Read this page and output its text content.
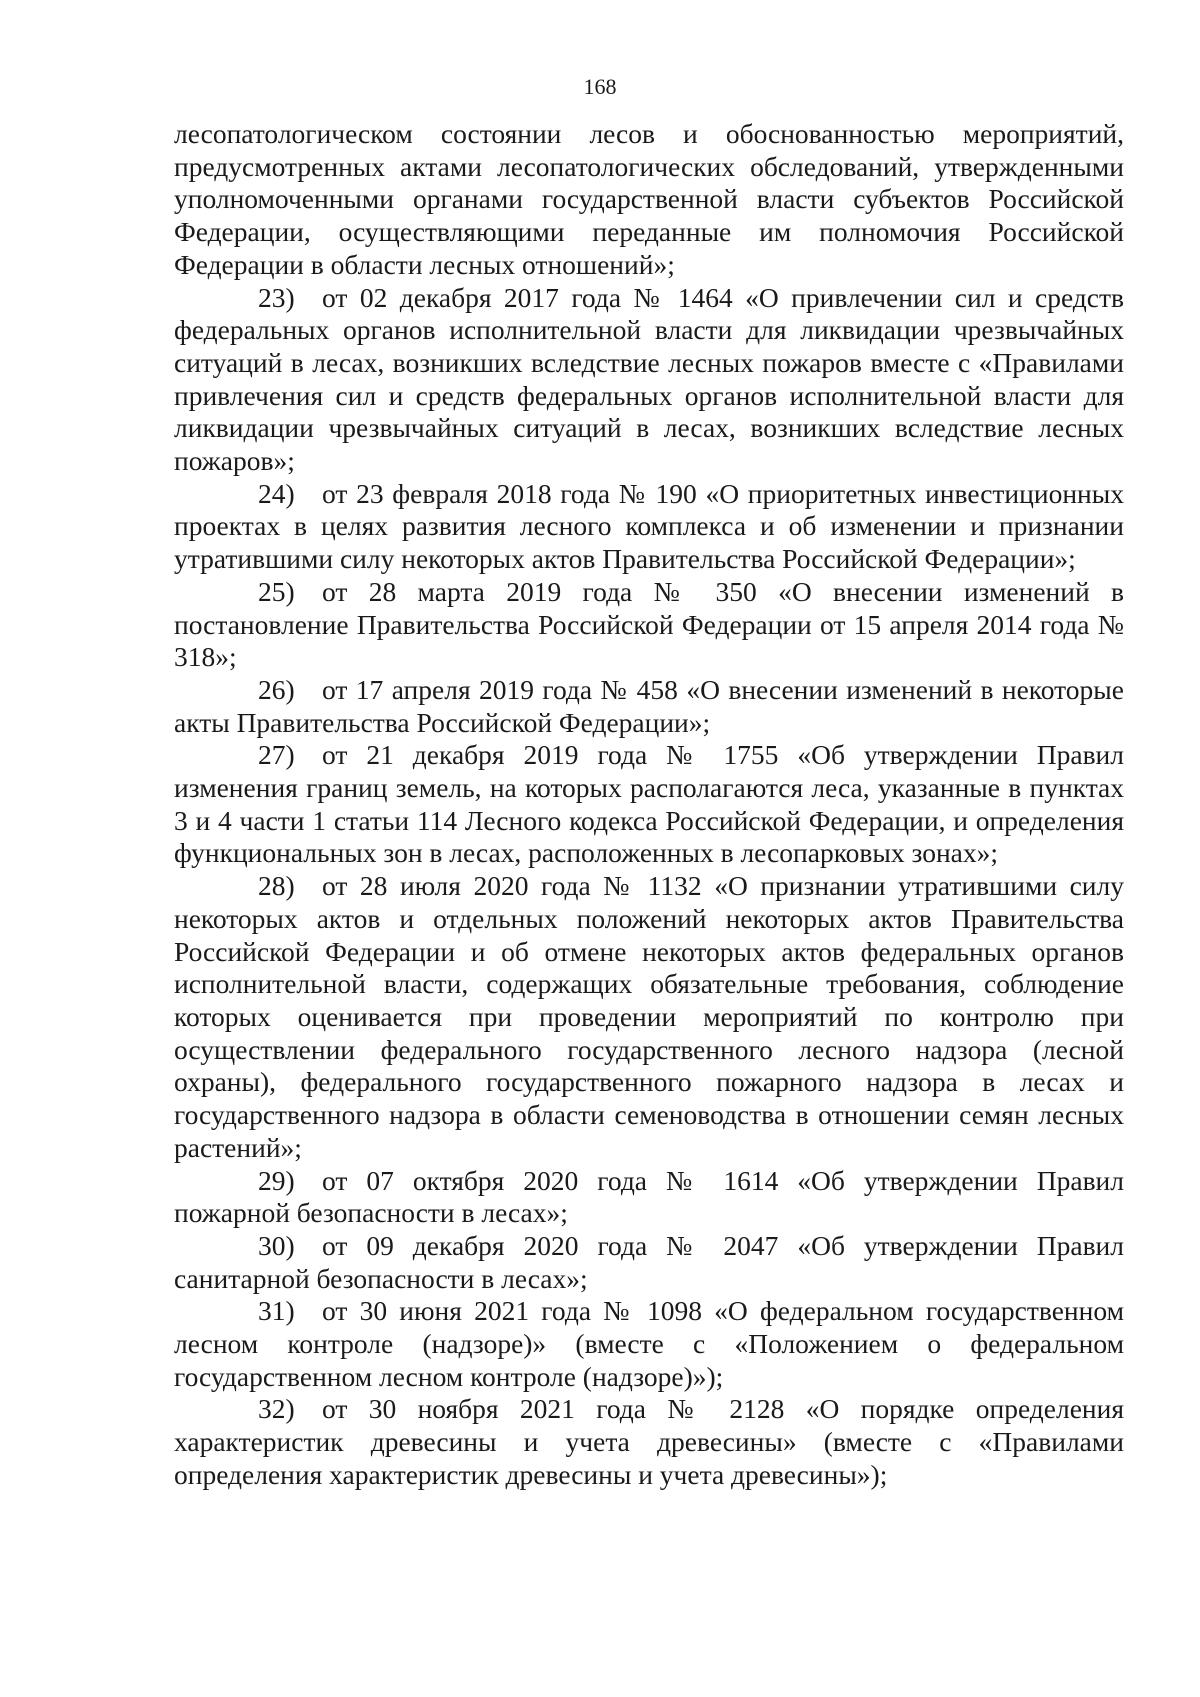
168

лесопатологическом состоянии лесов и обоснованностью мероприятий, предусмотренных актами лесопатологических обследований, утвержденными уполномоченными органами государственной власти субъектов Российской Федерации, осуществляющими переданные им полномочия Российской Федерации в области лесных отношений»;

23) от 02 декабря 2017 года № 1464 «О привлечении сил и средств федеральных органов исполнительной власти для ликвидации чрезвычайных ситуаций в лесах, возникших вследствие лесных пожаров вместе с «Правилами привлечения сил и средств федеральных органов исполнительной власти для ликвидации чрезвычайных ситуаций в лесах, возникших вследствие лесных пожаров»;

24) от 23 февраля 2018 года № 190 «О приоритетных инвестиционных проектах в целях развития лесного комплекса и об изменении и признании утратившими силу некоторых актов Правительства Российской Федерации»;

25) от 28 марта 2019 года № 350 «О внесении изменений в постановление Правительства Российской Федерации от 15 апреля 2014 года № 318»;

26) от 17 апреля 2019 года № 458 «О внесении изменений в некоторые акты Правительства Российской Федерации»;

27) от 21 декабря 2019 года № 1755 «Об утверждении Правил изменения границ земель, на которых располагаются леса, указанные в пунктах 3 и 4 части 1 статьи 114 Лесного кодекса Российской Федерации, и определения функциональных зон в лесах, расположенных в лесопарковых зонах»;

28) от 28 июля 2020 года № 1132 «О признании утратившими силу некоторых актов и отдельных положений некоторых актов Правительства Российской Федерации и об отмене некоторых актов федеральных органов исполнительной власти, содержащих обязательные требования, соблюдение которых оценивается при проведении мероприятий по контролю при осуществлении федерального государственного лесного надзора (лесной охраны), федерального государственного пожарного надзора в лесах и государственного надзора в области семеноводства в отношении семян лесных растений»;

29) от 07 октября 2020 года № 1614 «Об утверждении Правил пожарной безопасности в лесах»;

30) от 09 декабря 2020 года № 2047 «Об утверждении Правил санитарной безопасности в лесах»;

31) от 30 июня 2021 года № 1098 «О федеральном государственном лесном контроле (надзоре)» (вместе с «Положением о федеральном государственном лесном контроле (надзоре)»);

32) от 30 ноября 2021 года № 2128 «О порядке определения характеристик древесины и учета древесины» (вместе с «Правилами определения характеристик древесины и учета древесины»);
